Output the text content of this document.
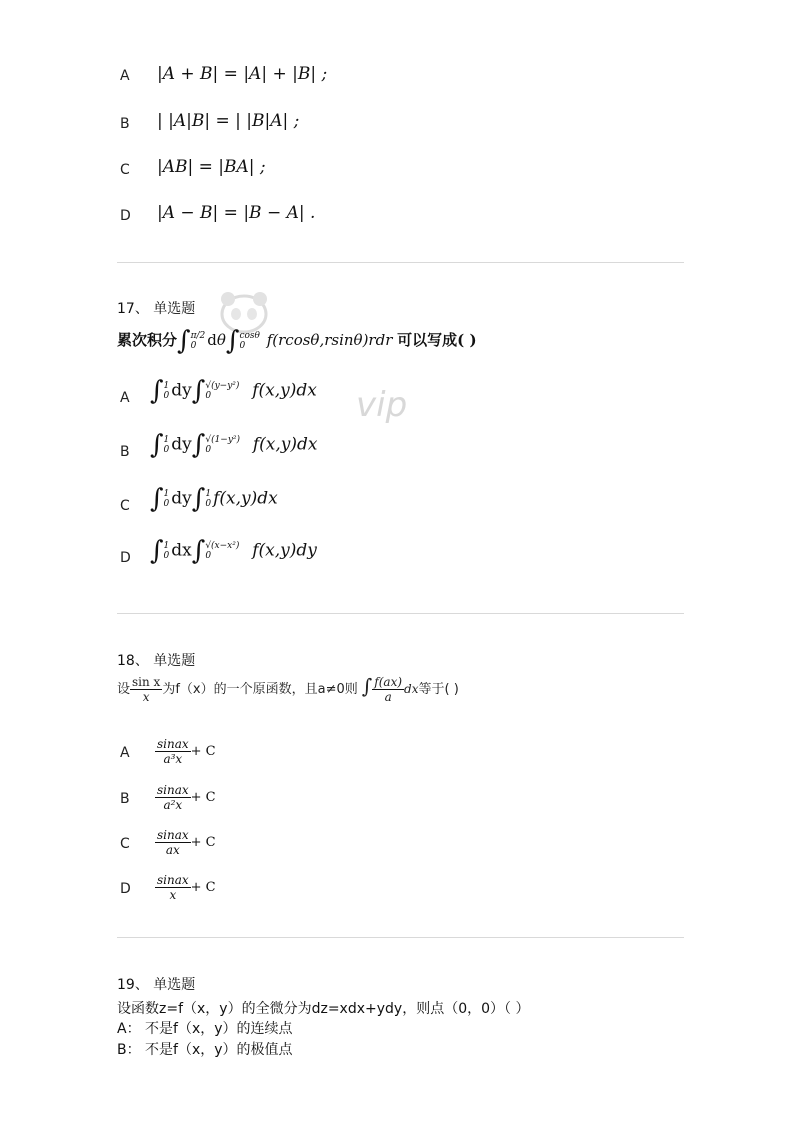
A |A + B| = |A| + |B| ;
B | |A|B| = | |B|A| ;
C |AB| = |BA| ;
D |A − B| = |B − A| .
17、 单选题
vip
累次积分∫ π/2
0 dθ∫ cosθ
0	f(rcosθ,rsinθ)rdr 可以写成( )
A ∫ 1
0 dy∫ √(y−y²)
0	f(x,y)dx
B ∫ 1
0 dy∫ √(1−y²)
0	f(x,y)dx
C ∫ 1
0 dy∫ 1
0 f(x,y)dx
D ∫ 1
0 dx∫ √(x−x²)
0	f(x,y)dy
18、 单选题
设 $\frac{\text{sin x}}{x}$ 为f（x）的一个原函数，且a≠0则 ∫ $\frac{f(ax)}{a}$ dx等于( )
A $\frac{\text{sinax}}{\text{a³x}} + C$
B $\frac{\text{sinax}}{\text{a²x}} + C$
C $\frac{\text{sinax}}{ax} + C$
D $\frac{\text{sinax}}{x} + C$
19、 单选题
设函数z=f（x，y）的全微分为dz=xdx+ydy，则点（0，0）（ ）
A： 不是f（x，y）的连续点
B： 不是f（x，y）的极值点
